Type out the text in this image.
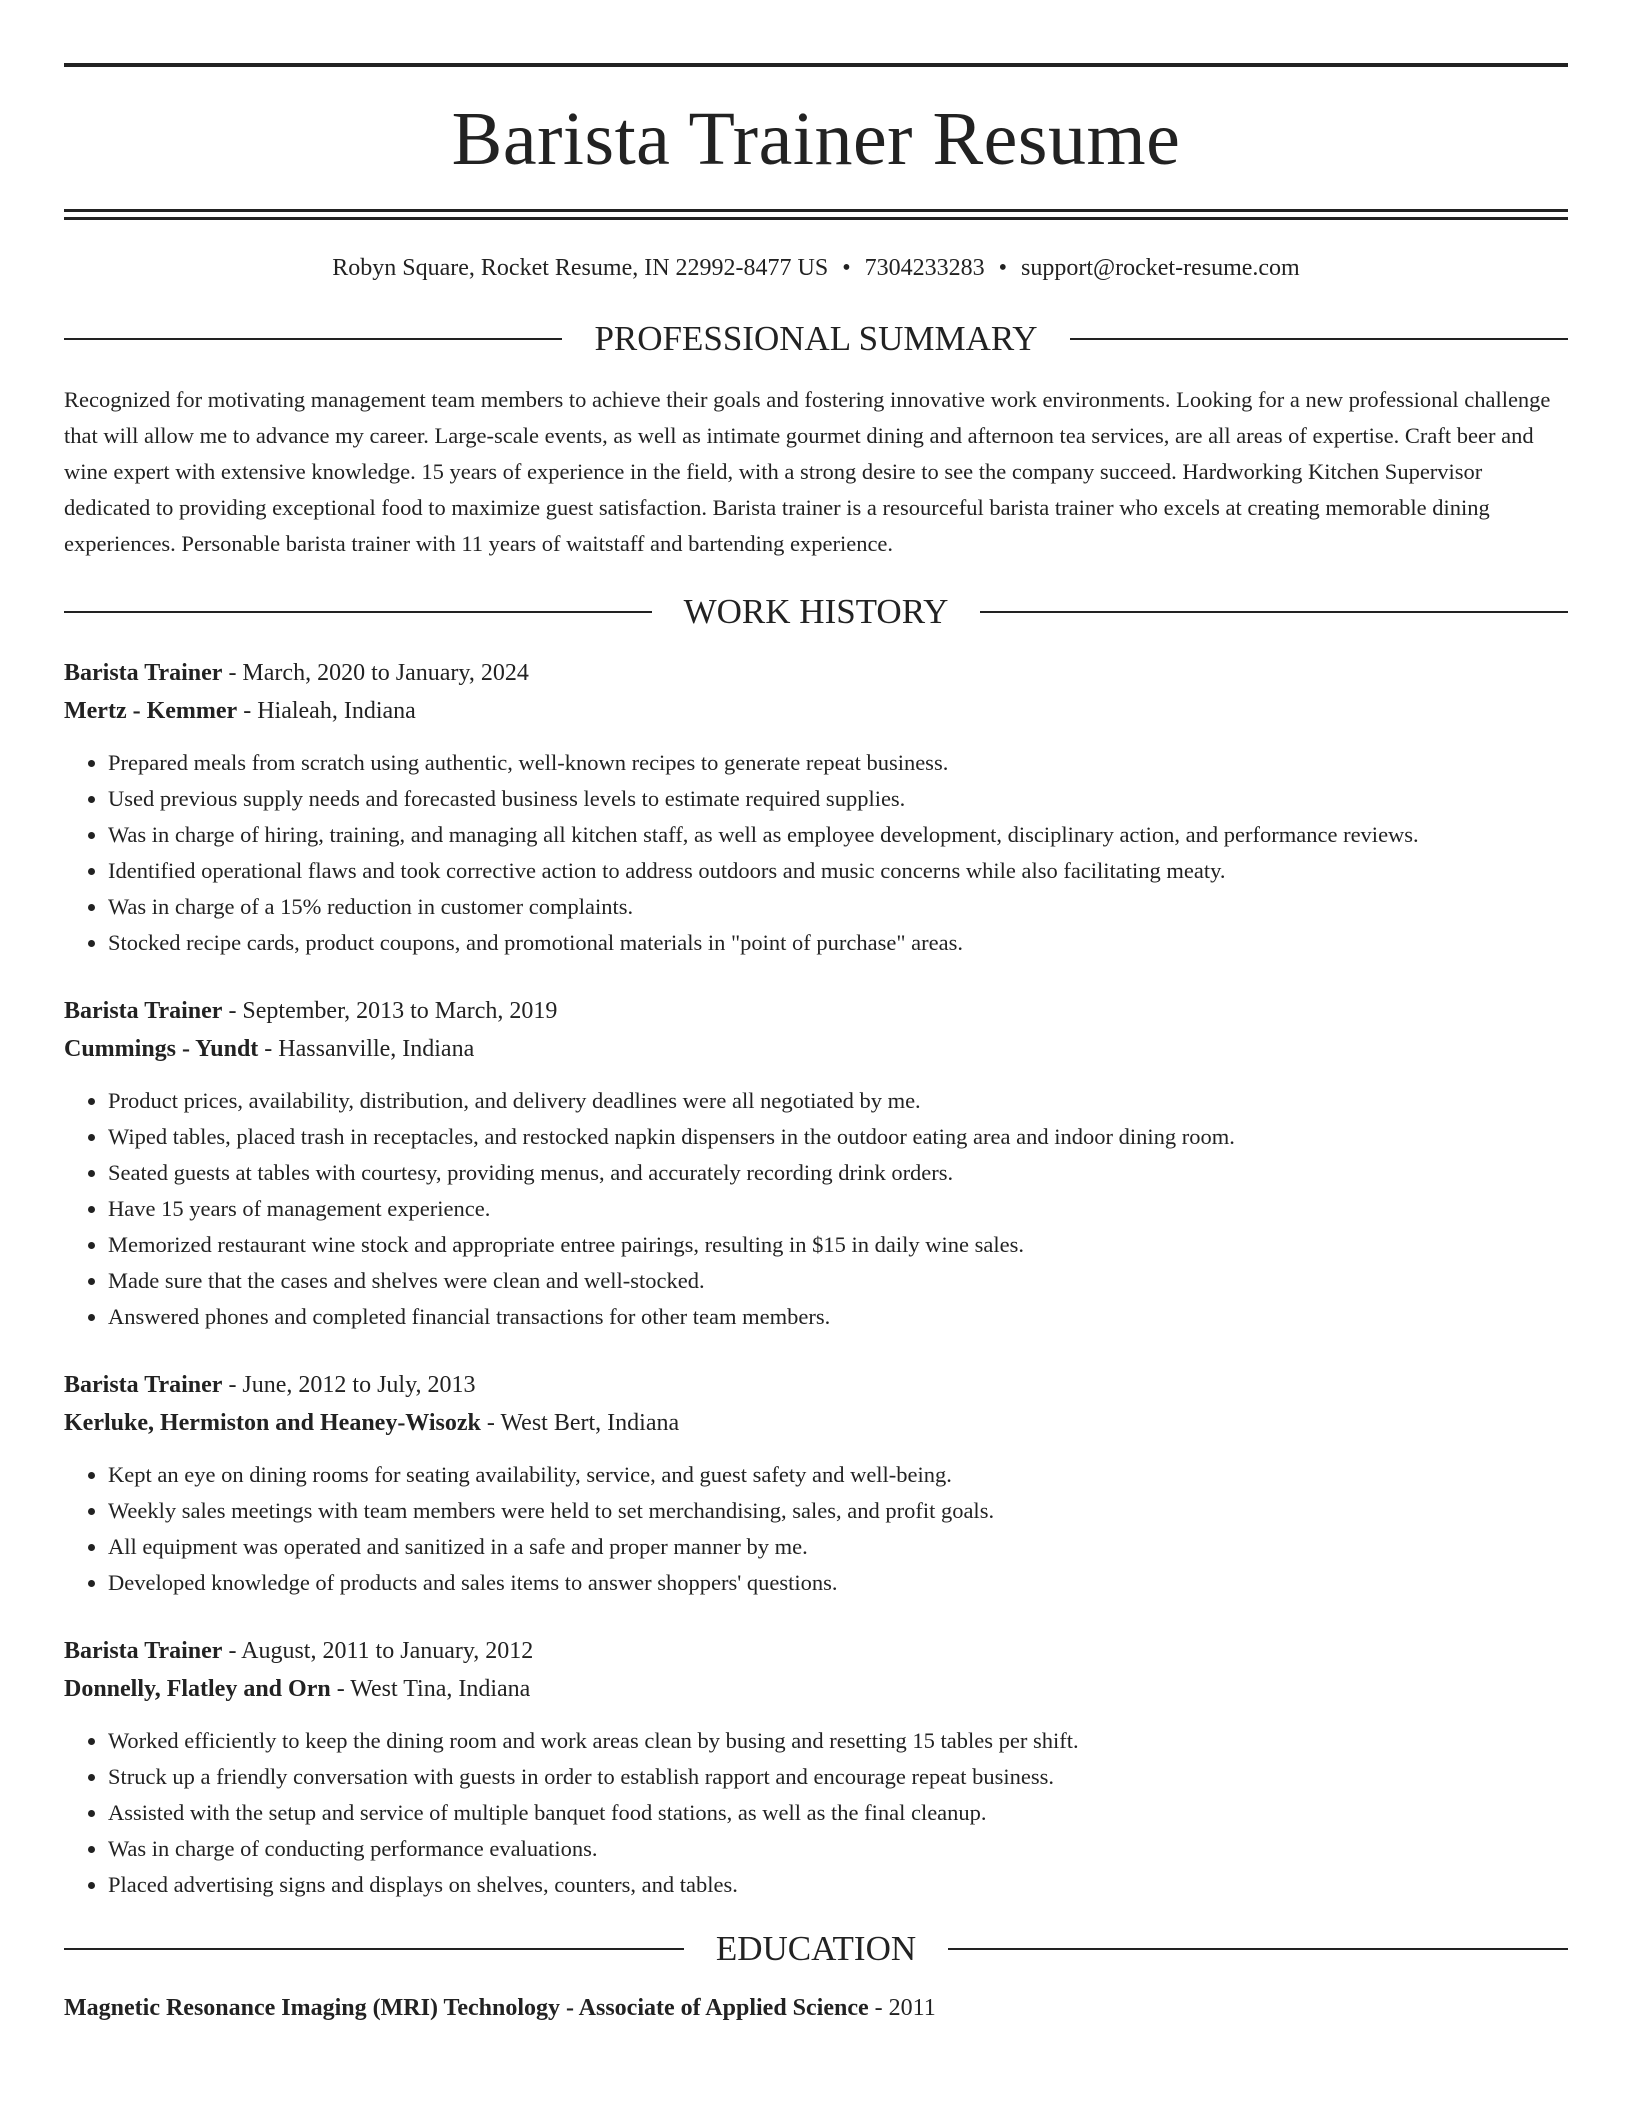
Barista Trainer Resume
Robyn Square, Rocket Resume, IN 22992-8477 US • 7304233283 • support@rocket-resume.com
PROFESSIONAL SUMMARY
Recognized for motivating management team members to achieve their goals and fostering innovative work environments. Looking for a new professional challenge that will allow me to advance my career. Large-scale events, as well as intimate gourmet dining and afternoon tea services, are all areas of expertise. Craft beer and wine expert with extensive knowledge. 15 years of experience in the field, with a strong desire to see the company succeed. Hardworking Kitchen Supervisor dedicated to providing exceptional food to maximize guest satisfaction. Barista trainer is a resourceful barista trainer who excels at creating memorable dining experiences. Personable barista trainer with 11 years of waitstaff and bartending experience.
WORK HISTORY
Barista Trainer - March, 2020 to January, 2024
Mertz - Kemmer - Hialeah, Indiana
• Prepared meals from scratch using authentic, well-known recipes to generate repeat business.
• Used previous supply needs and forecasted business levels to estimate required supplies.
• Was in charge of hiring, training, and managing all kitchen staff, as well as employee development, disciplinary action, and performance reviews.
• Identified operational flaws and took corrective action to address outdoors and music concerns while also facilitating meaty.
• Was in charge of a 15% reduction in customer complaints.
• Stocked recipe cards, product coupons, and promotional materials in "point of purchase" areas.
Barista Trainer - September, 2013 to March, 2019
Cummings - Yundt - Hassanville, Indiana
• Product prices, availability, distribution, and delivery deadlines were all negotiated by me.
• Wiped tables, placed trash in receptacles, and restocked napkin dispensers in the outdoor eating area and indoor dining room.
• Seated guests at tables with courtesy, providing menus, and accurately recording drink orders.
• Have 15 years of management experience.
• Memorized restaurant wine stock and appropriate entree pairings, resulting in $15 in daily wine sales.
• Made sure that the cases and shelves were clean and well-stocked.
• Answered phones and completed financial transactions for other team members.
Barista Trainer - June, 2012 to July, 2013
Kerluke, Hermiston and Heaney-Wisozk - West Bert, Indiana
• Kept an eye on dining rooms for seating availability, service, and guest safety and well-being.
• Weekly sales meetings with team members were held to set merchandising, sales, and profit goals.
• All equipment was operated and sanitized in a safe and proper manner by me.
• Developed knowledge of products and sales items to answer shoppers' questions.
Barista Trainer - August, 2011 to January, 2012
Donnelly, Flatley and Orn - West Tina, Indiana
• Worked efficiently to keep the dining room and work areas clean by busing and resetting 15 tables per shift.
• Struck up a friendly conversation with guests in order to establish rapport and encourage repeat business.
• Assisted with the setup and service of multiple banquet food stations, as well as the final cleanup.
• Was in charge of conducting performance evaluations.
• Placed advertising signs and displays on shelves, counters, and tables.
EDUCATION
Magnetic Resonance Imaging (MRI) Technology - Associate of Applied Science - 2011
